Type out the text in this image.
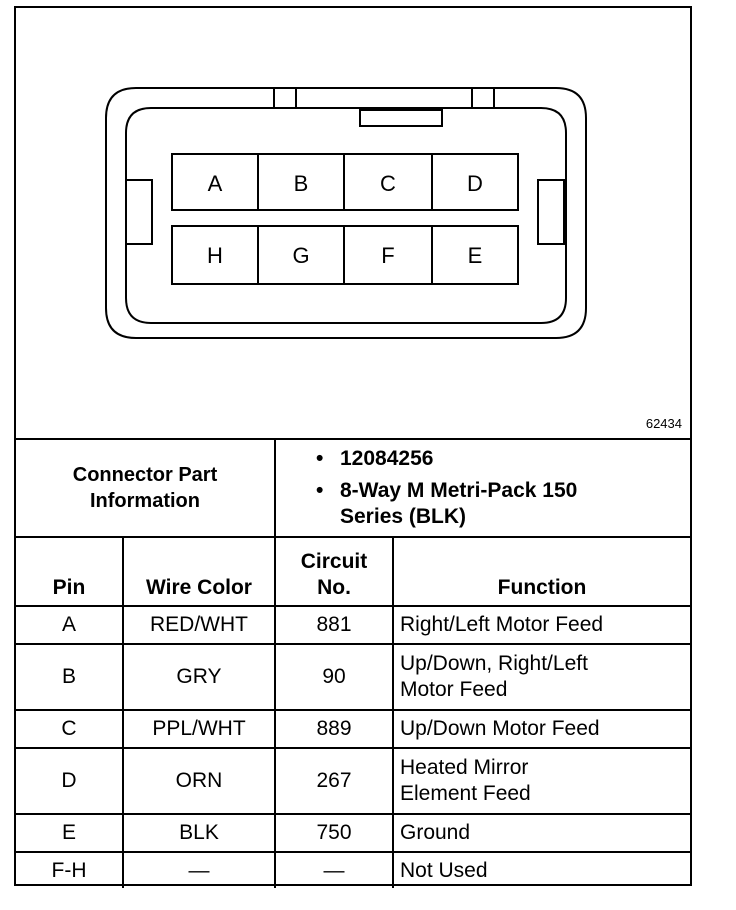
A	B	C	D
H	G	F	E
62434
Connector Part Information
• 12084256
• 8-Way M Metri-Pack 150 Series (BLK)
Pin	Wire Color	Circuit No.	Function
A	RED/WHT	881	Right/Left Motor Feed
B	GRY	90	Up/Down, Right/Left Motor Feed
C	PPL/WHT	889	Up/Down Motor Feed
D	ORN	267	Heated Mirror Element Feed
E	BLK	750	Ground
F-H	—	—	Not Used
